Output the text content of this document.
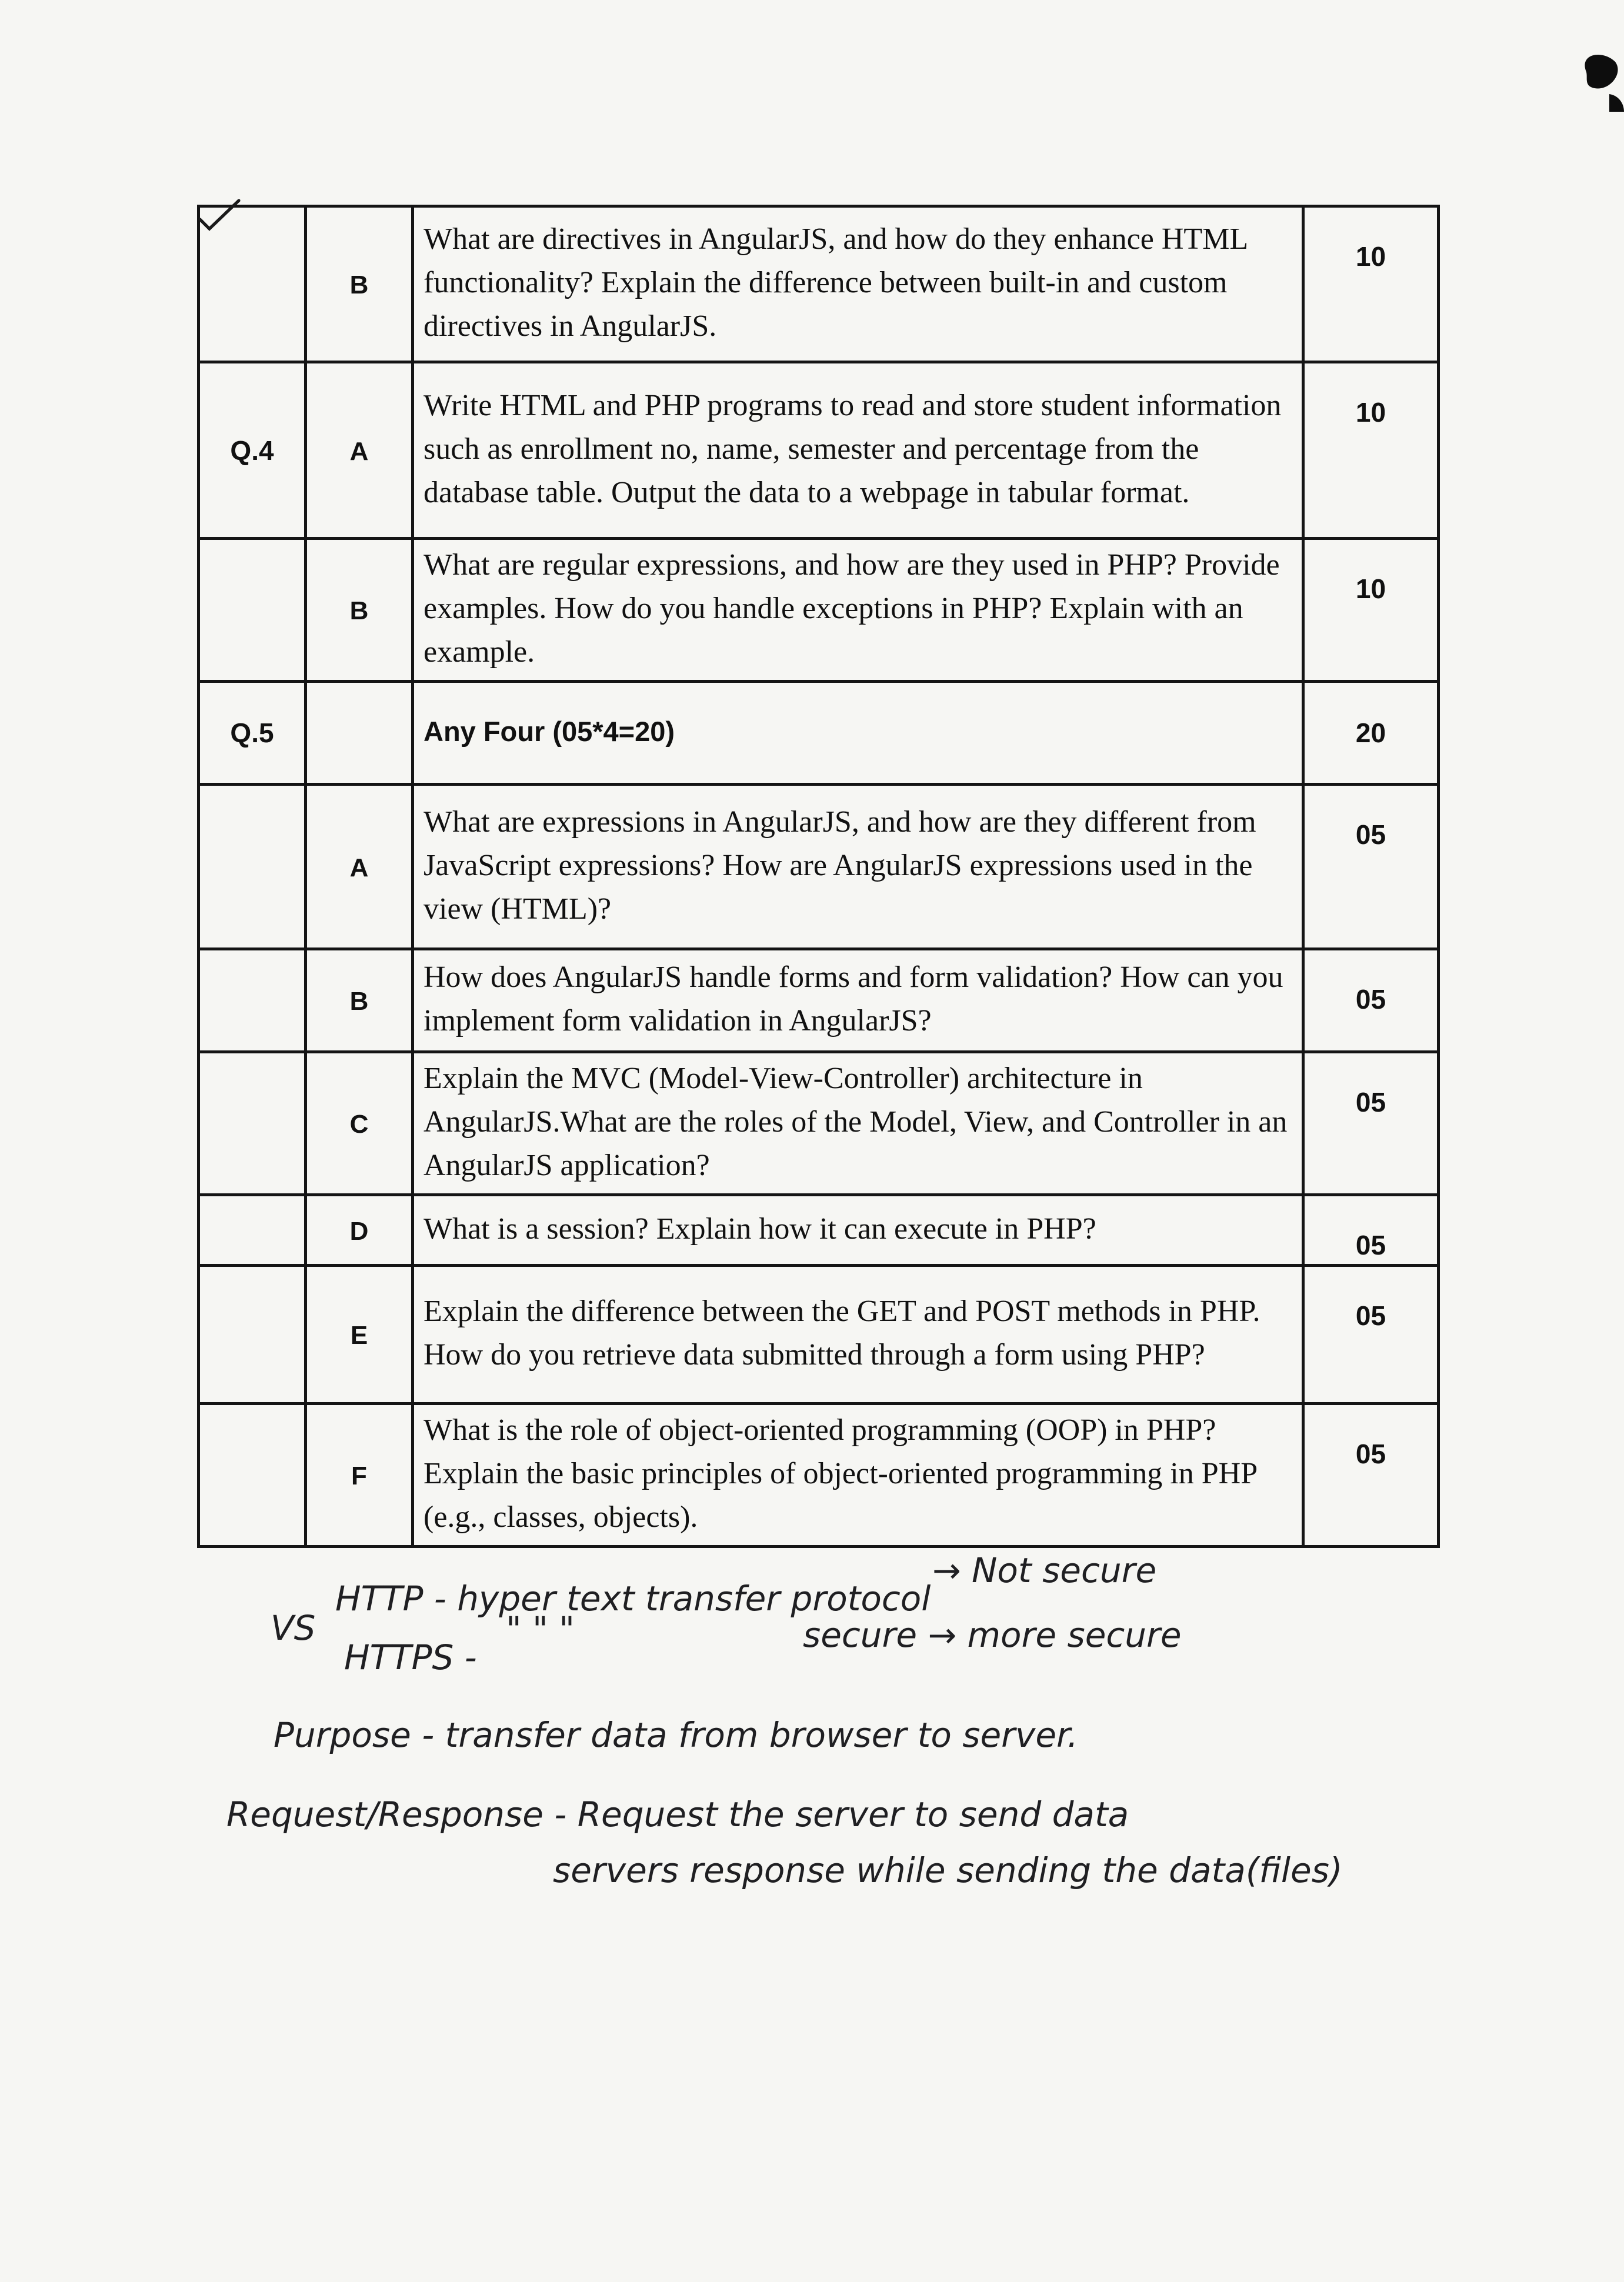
	B	What are directives in AngularJS, and how do they enhance HTML functionality? Explain the difference between built-in and custom directives in AngularJS.	10
Q.4	A	Write HTML and PHP programs to read and store student information such as enrollment no, name, semester and percentage from the database table. Output the data to a webpage in tabular format.	10
	B	What are regular expressions, and how are they used in PHP? Provide examples. How do you handle exceptions in PHP? Explain with an example.	10
Q.5		Any Four (05*4=20)	20
	A	What are expressions in AngularJS, and how are they different from JavaScript expressions? How are AngularJS expressions used in the view (HTML)?	05
	B	How does AngularJS handle forms and form validation? How can you implement form validation in AngularJS?	05
	C	Explain the MVC (Model-View-Controller) architecture in AngularJS.What are the roles of the Model, View, and Controller in an AngularJS application?	05
	D	What is a session? Explain how it can execute in PHP?	05
	E	Explain the difference between the GET and POST methods in PHP. How do you retrieve data submitted through a form using PHP?	05
	F	What is the role of object-oriented programming (OOP) in PHP? Explain the basic principles of object-oriented programming in PHP (e.g., classes, objects).	05
HTTP - hyper text transfer protocol
→ Not secure
VS
HTTPS -
" " "	secure → more secure
Purpose - transfer data from browser to server.
Request/Response - Request the server to send data
servers response while sending the data(files)
